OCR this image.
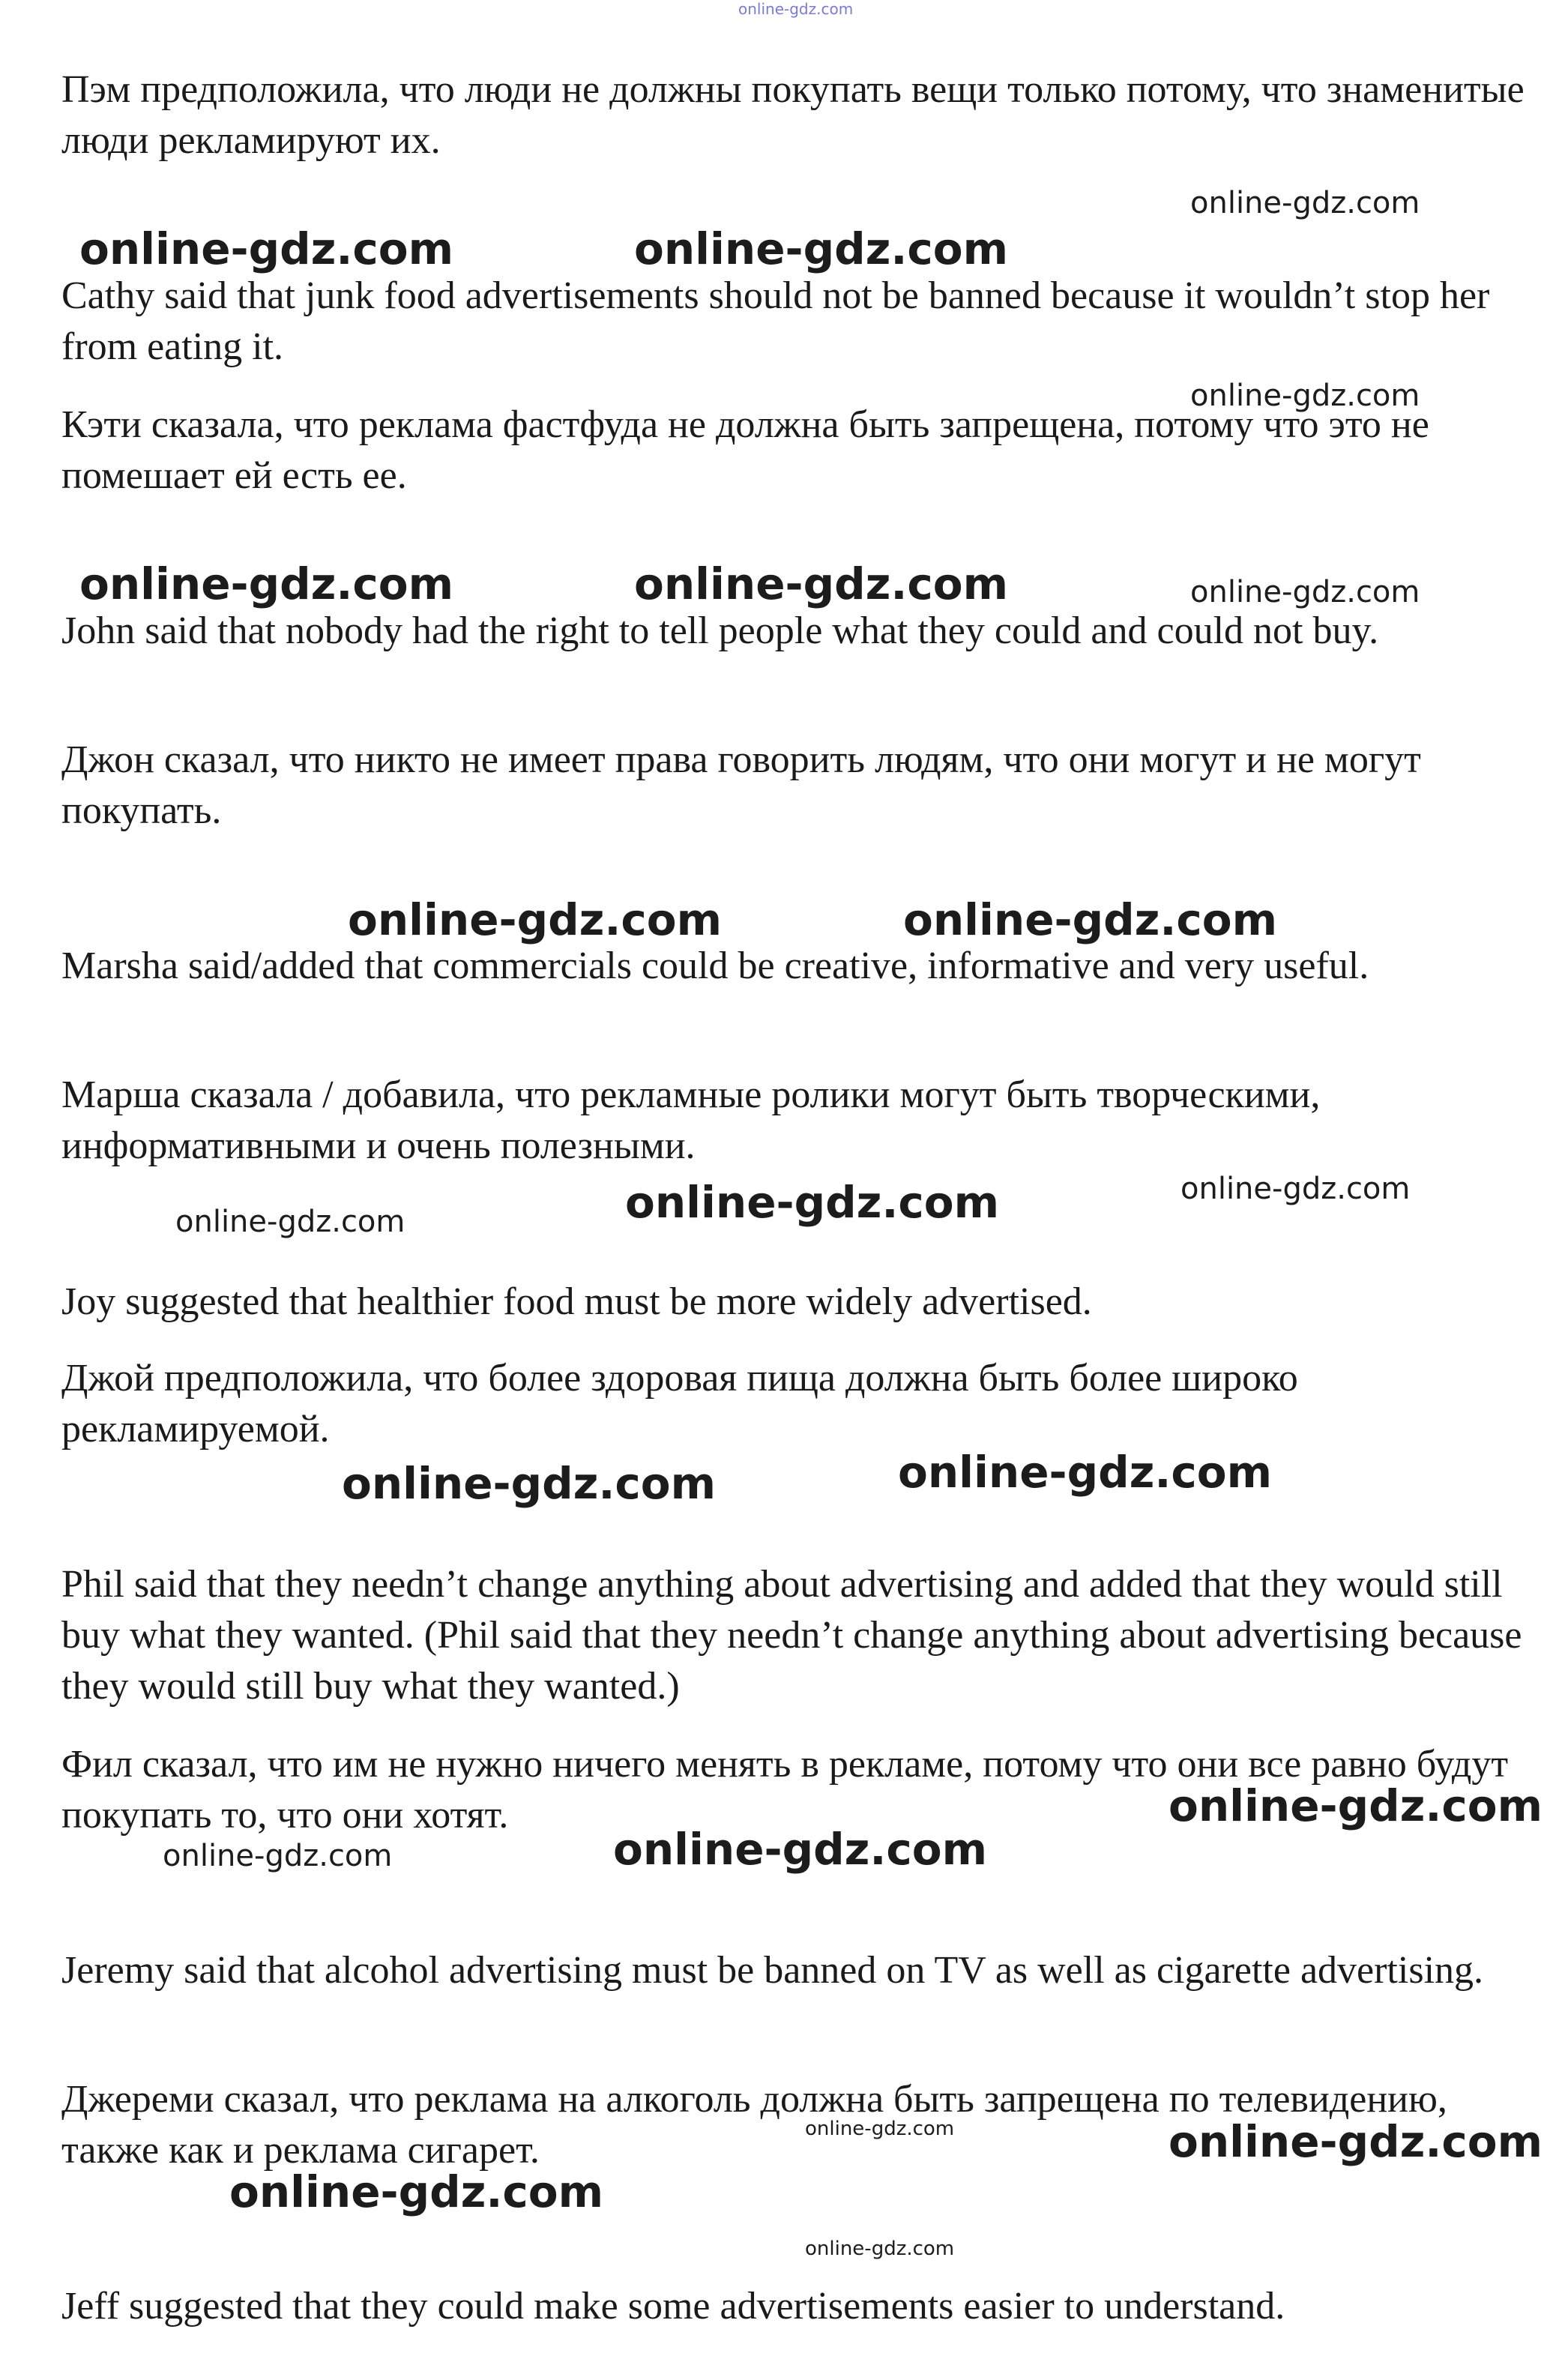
online-gdz.com

Пэм предположила, что люди не должны покупать вещи только потому, что знаменитые люди рекламируют их.

Cathy said that junk food advertisements should not be banned because it wouldn’t stop her from eating it.

Кэти сказала, что реклама фастфуда не должна быть запрещена, потому что это не помешает ей есть ее.

John said that nobody had the right to tell people what they could and could not buy.

Джон сказал, что никто не имеет права говорить людям, что они могут и не могут покупать.

Marsha said/added that commercials could be creative, informative and very useful.

Марша сказала / добавила, что рекламные ролики могут быть творческими, информативными и очень полезными.

Joy suggested that healthier food must be more widely advertised.

Джой предположила, что более здоровая пища должна быть более широко рекламируемой.

Phil said that they needn’t change anything about advertising and added that they would still buy what they wanted. (Phil said that they needn’t change anything about advertising because they would still buy what they wanted.)

Фил сказал, что им не нужно ничего менять в рекламе, потому что они все равно будут покупать то, что они хотят.

Jeremy said that alcohol advertising must be banned on TV as well as cigarette advertising.

Джереми сказал, что реклама на алкоголь должна быть запрещена по телевидению, также как и реклама сигарет.

Jeff suggested that they could make some advertisements easier to understand.

online-gdz.com
online-gdz.com	online-gdz.com
online-gdz.com
online-gdz.com	online-gdz.com	online-gdz.com
online-gdz.com	online-gdz.com
online-gdz.com
online-gdz.com	online-gdz.com
online-gdz.com
online-gdz.com
online-gdz.com
online-gdz.com	online-gdz.com
online-gdz.com	online-gdz.com
online-gdz.com
online-gdz.com
